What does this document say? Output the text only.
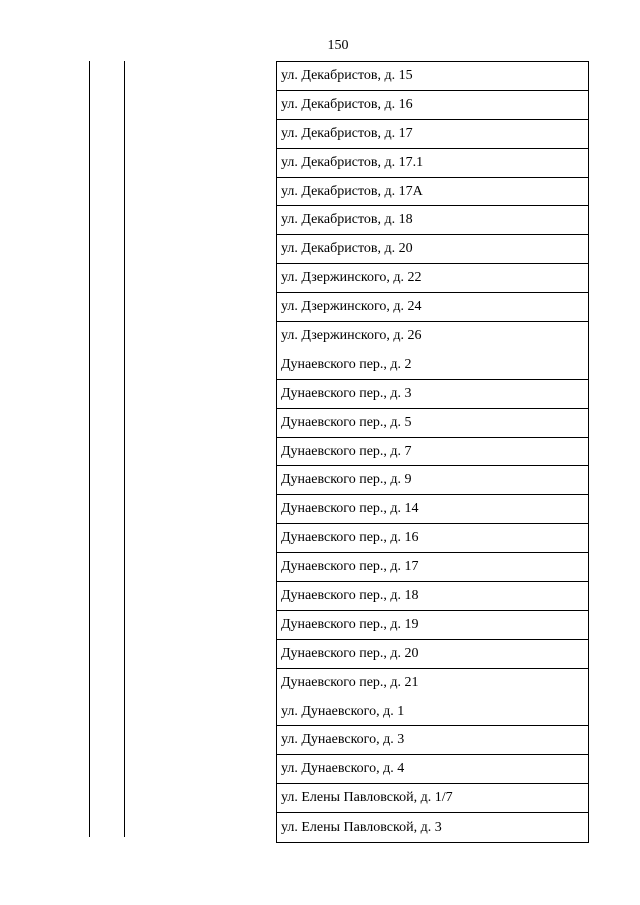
150
ул. Декабристов, д. 15
ул. Декабристов, д. 16
ул. Декабристов, д. 17
ул. Декабристов, д. 17.1
ул. Декабристов, д. 17А
ул. Декабристов, д. 18
ул. Декабристов, д. 20
ул. Дзержинского, д. 22
ул. Дзержинского, д. 24
ул. Дзержинского, д. 26
Дунаевского пер., д. 2
Дунаевского пер., д. 3
Дунаевского пер., д. 5
Дунаевского пер., д. 7
Дунаевского пер., д. 9
Дунаевского пер., д. 14
Дунаевского пер., д. 16
Дунаевского пер., д. 17
Дунаевского пер., д. 18
Дунаевского пер., д. 19
Дунаевского пер., д. 20
Дунаевского пер., д. 21
ул. Дунаевского, д. 1
ул. Дунаевского, д. 3
ул. Дунаевского, д. 4
ул. Елены Павловской, д. 1/7
ул. Елены Павловской, д. 3
